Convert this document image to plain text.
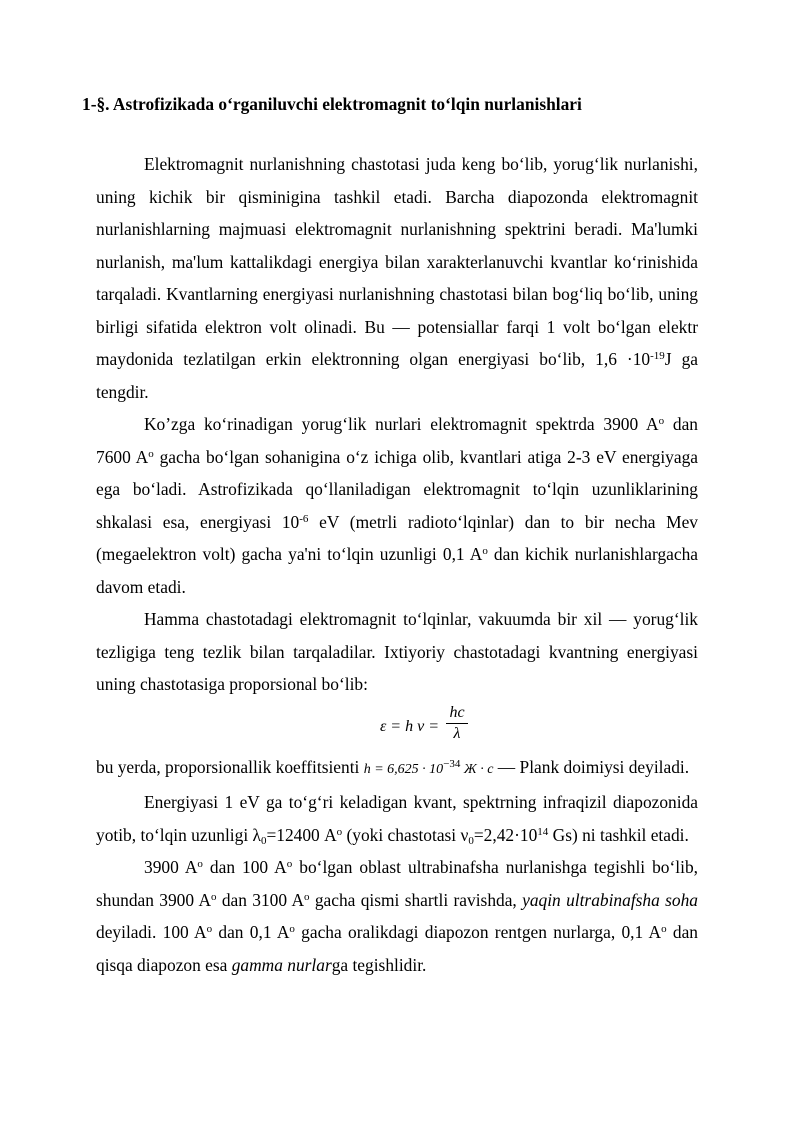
1-§. Astrofizikada o‘rganiluvchi elektromagnit to‘lqin nurlanishlari

Elektromagnit nurlanishning chastotasi juda keng bo‘lib, yorug‘lik nurlanishi, uning kichik bir qisminigina tashkil etadi. Barcha diapozonda elektromagnit nurlanishlarning majmuasi elektromagnit nurlanishning spektrini beradi. Ma'lumki nurlanish, ma'lum kattalikdagi energiya bilan xarakterlanuvchi kvantlar ko‘rinishida tarqaladi. Kvantlarning energiyasi nurlanishning chastotasi bilan bog‘liq bo‘lib, uning birligi sifatida elektron volt olinadi. Bu — potensiallar farqi 1 volt bo‘lgan elektr maydonida tezlatilgan erkin elektronning olgan energiyasi bo‘lib, $1,6 \cdot 10^{-19}J$ ga tengdir.

Ko’zga ko‘rinadigan yorug‘lik nurlari elektromagnit spektrda 3900 $A^o$ dan 7600 $A^o$ gacha bo‘lgan sohanigina o‘z ichiga olib, kvantlari atiga 2-3 eV energiyaga ega bo‘ladi. Astrofizikada qo‘llaniladigan elektromagnit to‘lqin uzunliklarining shkalasi esa, energiyasi $10^{-6}$ eV (metrli radioto‘lqinlar) dan to bir necha Mev (megaelektron volt) gacha ya'ni to‘lqin uzunligi 0,1 $A^o$ dan kichik nurlanishlargacha davom etadi.

Hamma chastotadagi elektromagnit to‘lqinlar, vakuumda bir xil — yorug‘lik tezligiga teng tezlik bilan tarqaladilar. Ixtiyoriy chastotadagi kvantning energiyasi uning chastotasiga proporsional bo‘lib:

ε = h $\nu = \frac{hc}{\lambda}$

bu yerda, proporsionallik koeffitsienti $h = 6,625 \cdot 10^{-34}$ Ж · с — Plank doimiysi deyiladi.

Energiyasi 1 eV ga to‘g‘ri keladigan kvant, spektrning infraqizil diapozonida yotib, to‘lqin uzunligi $\lambda_0=12400$ $A^o$ (yoki chastotasi $\nu_0=2,42\cdot 10^{14}$ Gs) ni tashkil etadi.

3900 $A^o$ dan 100 $A^o$ bo‘lgan oblast ultrabinafsha nurlanishga tegishli bo‘lib, shundan 3900 $A^o$ dan 3100 $A^o$ gacha qismi shartli ravishda, yaqin ultrabinafsha soha deyiladi. 100 $A^o$ dan 0,1 $A^o$ gacha oralikdagi diapozon rentgen nurlarga, 0,1 $A^o$ dan qisqa diapozon esa gamma nurlarga tegishlidir.
